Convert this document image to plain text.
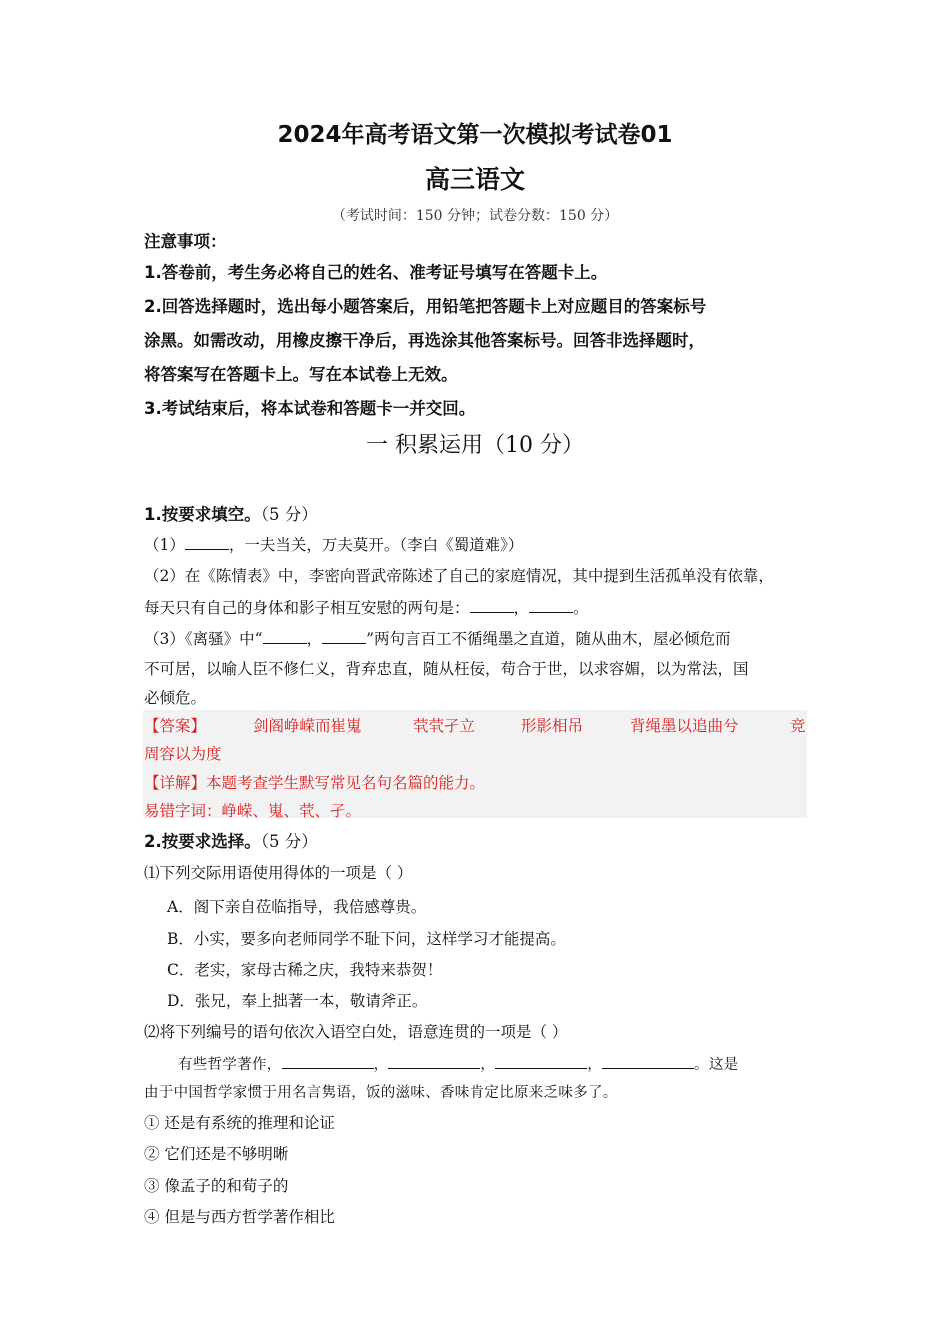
2024年高考语文第一次模拟考试卷01
高三语文
（考试时间：150 分钟；试卷分数：150 分）
注意事项：
1.答卷前，考生务必将自己的姓名、准考证号填写在答题卡上。
2.回答选择题时，选出每小题答案后，用铅笔把答题卡上对应题目的答案标号
涂黑。如需改动，用橡皮擦干净后，再选涂其他答案标号。回答非选择题时，
将答案写在答题卡上。写在本试卷上无效。
3.考试结束后，将本试卷和答题卡一并交回。
一 积累运用（10 分）
1.按要求填空。（5 分）
（1）	，一夫当关，万夫莫开。（李白《蜀道难》）
（2）在《陈情表》中，李密向晋武帝陈述了自己的家庭情况，其中提到生活孤单没有依靠，
每天只有自己的身体和影子相互安慰的两句是：	，	。
（3）《离骚》中“	，	”两句言百工不循绳墨之直道，随从曲木，屋必倾危而
不可居，以喻人臣不修仁义，背弃忠直，随从枉佞，苟合于世，以求容媚，以为常法，国
必倾危。
【答案】	剑阁峥嵘而崔嵬	茕茕孑立	形影相吊	背绳墨以追曲兮	竞
周容以为度
【详解】本题考查学生默写常见名句名篇的能力。
易错字词：峥嵘、嵬、茕、孑。
2.按要求选择。（5 分）
⑴下列交际用语使用得体的一项是（ ）
A．阁下亲自莅临指导，我倍感尊贵。
B．小实，要多向老师同学不耻下问，这样学习才能提高。
C．老实，家母古稀之庆，我特来恭贺！
D．张兄，奉上拙著一本，敬请斧正。
⑵将下列编号的语句依次入语空白处，语意连贯的一项是（ ）
有些哲学著作，	，	，	，	。这是
由于中国哲学家惯于用名言隽语，饭的滋味、香味肯定比原来乏味多了。
① 还是有系统的推理和论证
② 它们还是不够明晰
③ 像孟子的和荀子的
④ 但是与西方哲学著作相比
